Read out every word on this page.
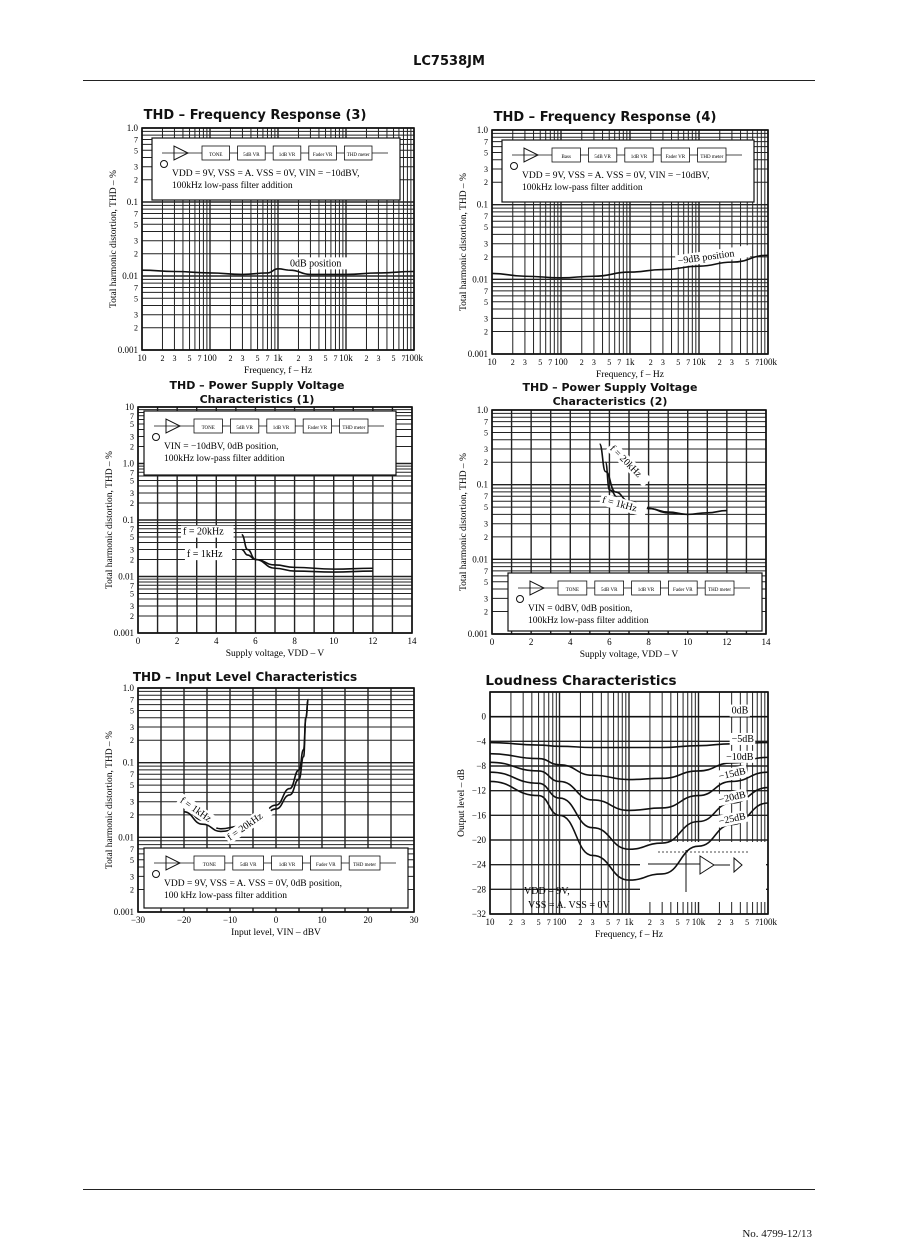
LC7538JM
No. 4799-12/13
0.001
2
3
5
7
0.01
2
3
5
7
0.1
2
3
5
7
1.0
10 2 3 5 7 100 2 3 5 7 1k 2 3 5 7 10k 2 3 5 7 100k
Frequency, f – Hz
Total harmonic distortion, THD – %
TONE	5dB VR	1dB VR	Fader VR	THD meter
VDD = 9V, VSS = A. VSS = 0V, VIN = −10dBV,
100kHz low-pass filter addition
0dB position
0.001
2
3
5
7
0.01
2
3
5
7
0.1
2
3
5
7
1.0
10 2 3 5 7 100 2 3 5 7 1k 2 3 5 7 10k 2 3 5 7 100k
Frequency, f – Hz
Total harmonic distortion, THD – %
Bass	5dB VR	1dB VR	Fader VR	THD meter
VDD = 9V, VSS = A. VSS = 0V, VIN = −10dBV,
100kHz low-pass filter addition
−9dB position
0.001
2
3
5
7
0.01
2
3
5
7
0.1
2
3
5
7
1.0
2
3
5
7
10
0	2	4	6	8	10	12	14
Supply voltage, VDD – V
Total harmonic distortion, THD – %
TONE	5dB VR	1dB VR	Fader VR	THD meter
VIN = −10dBV, 0dB position,
100kHz low-pass filter addition
f = 20kHz
f = 1kHz
0.001
2
3
5
7
0.01
2
3
5
7
0.1
2
3
5
7
1.0
0	2	4	6	8	10	12	14
Supply voltage, VDD – V
Total harmonic distortion, THD – %	TONE	5dB VR	1dB VR	Fader VR	THD meter
VIN = 0dBV, 0dB position,
100kHz low-pass filter addition
f = 20kHz
f = 1kHz
0.001
2
3
5
7
0.01
2
3
5
7
0.1
2
3
5
7
1.0
−30	−20	−10	0	10	20	30
Input level, VIN – dBV
Total harmonic distortion, THD – %	TONE	5dB VR	1dB VR	Fader VR	THD meter
VDD = 9V, VSS = A. VSS = 0V, 0dB position,
100 kHz low-pass filter addition
f = 1kHz
f = 20kHz
0
−4
−8
−12
−16
−20
−24
−28
−32
10 2 3 5 7 100 2 3 5 7 1k 2 3 5 7 10k 2 3 5 7 100k
Frequency, f – Hz
Output level – dB
VDD = 9V,
VSS = A. VSS = 0V
0dB
−5dB
−10dB
−15dB
−20dB
−25dB
THD – Frequency Response (3)	THD – Frequency Response (4)
THD – Power Supply Voltage
Characteristics (1)
THD – Power Supply Voltage
Characteristics (2)
THD – Input Level Characteristics	Loudness Characteristics
